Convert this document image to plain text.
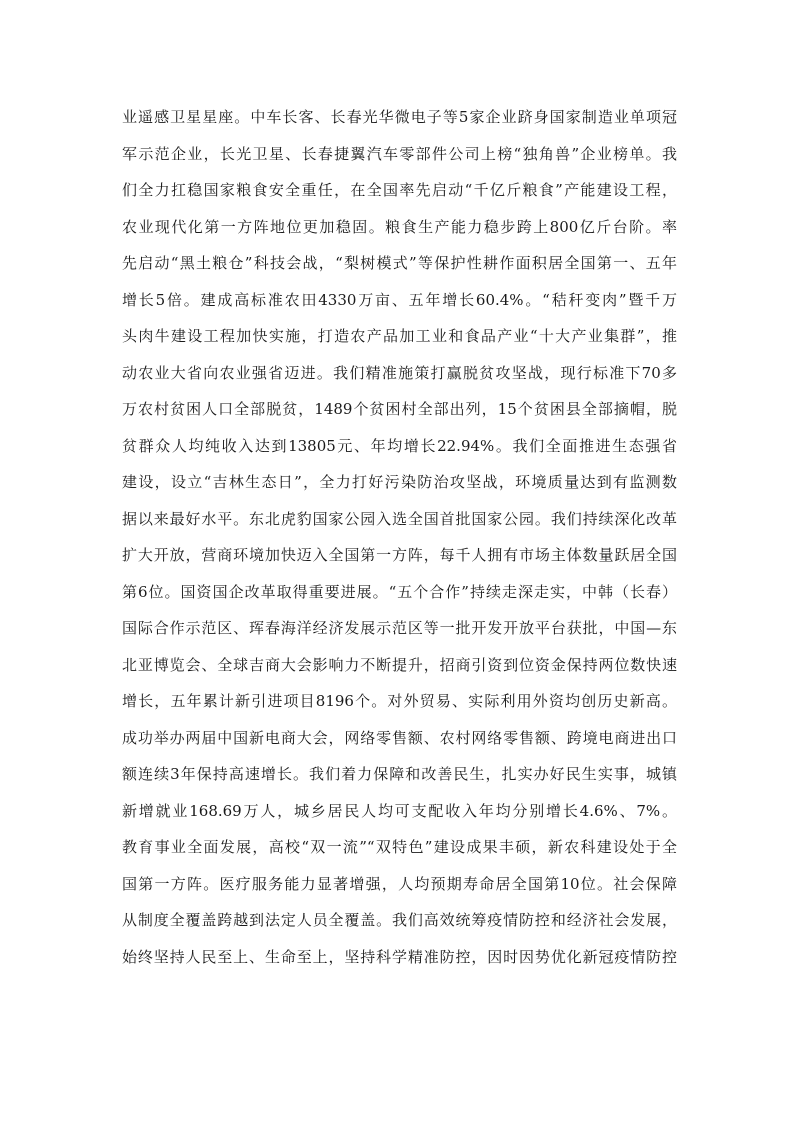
业遥感卫星星座。中车长客、长春光华微电子等5家企业跻身国家制造业单项冠
军示范企业，长光卫星、长春捷翼汽车零部件公司上榜“独角兽”企业榜单。我
们全力扛稳国家粮食安全重任，在全国率先启动“千亿斤粮食”产能建设工程，
农业现代化第一方阵地位更加稳固。粮食生产能力稳步跨上800亿斤台阶。率
先启动“黑土粮仓”科技会战，“梨树模式”等保护性耕作面积居全国第一、五年
增长5倍。建成高标准农田4330万亩、五年增长60.4%。“秸秆变肉”暨千万
头肉牛建设工程加快实施，打造农产品加工业和食品产业“十大产业集群”，推
动农业大省向农业强省迈进。我们精准施策打赢脱贫攻坚战，现行标准下70多
万农村贫困人口全部脱贫，1489个贫困村全部出列，15个贫困县全部摘帽，脱
贫群众人均纯收入达到13805元、年均增长22.94%。我们全面推进生态强省
建设，设立“吉林生态日”，全力打好污染防治攻坚战，环境质量达到有监测数
据以来最好水平。东北虎豹国家公园入选全国首批国家公园。我们持续深化改革
扩大开放，营商环境加快迈入全国第一方阵，每千人拥有市场主体数量跃居全国
第6位。国资国企改革取得重要进展。“五个合作”持续走深走实，中韩（长春）
国际合作示范区、珲春海洋经济发展示范区等一批开发开放平台获批，中国—东
北亚博览会、全球吉商大会影响力不断提升，招商引资到位资金保持两位数快速
增长，五年累计新引进项目8196个。对外贸易、实际利用外资均创历史新高。
成功举办两届中国新电商大会，网络零售额、农村网络零售额、跨境电商进出口
额连续3年保持高速增长。我们着力保障和改善民生，扎实办好民生实事，城镇
新增就业168.69万人，城乡居民人均可支配收入年均分别增长4.6%、7%。
教育事业全面发展，高校“双一流”“双特色”建设成果丰硕，新农科建设处于全
国第一方阵。医疗服务能力显著增强，人均预期寿命居全国第10位。社会保障
从制度全覆盖跨越到法定人员全覆盖。我们高效统筹疫情防控和经济社会发展，
始终坚持人民至上、生命至上，坚持科学精准防控，因时因势优化新冠疫情防控
